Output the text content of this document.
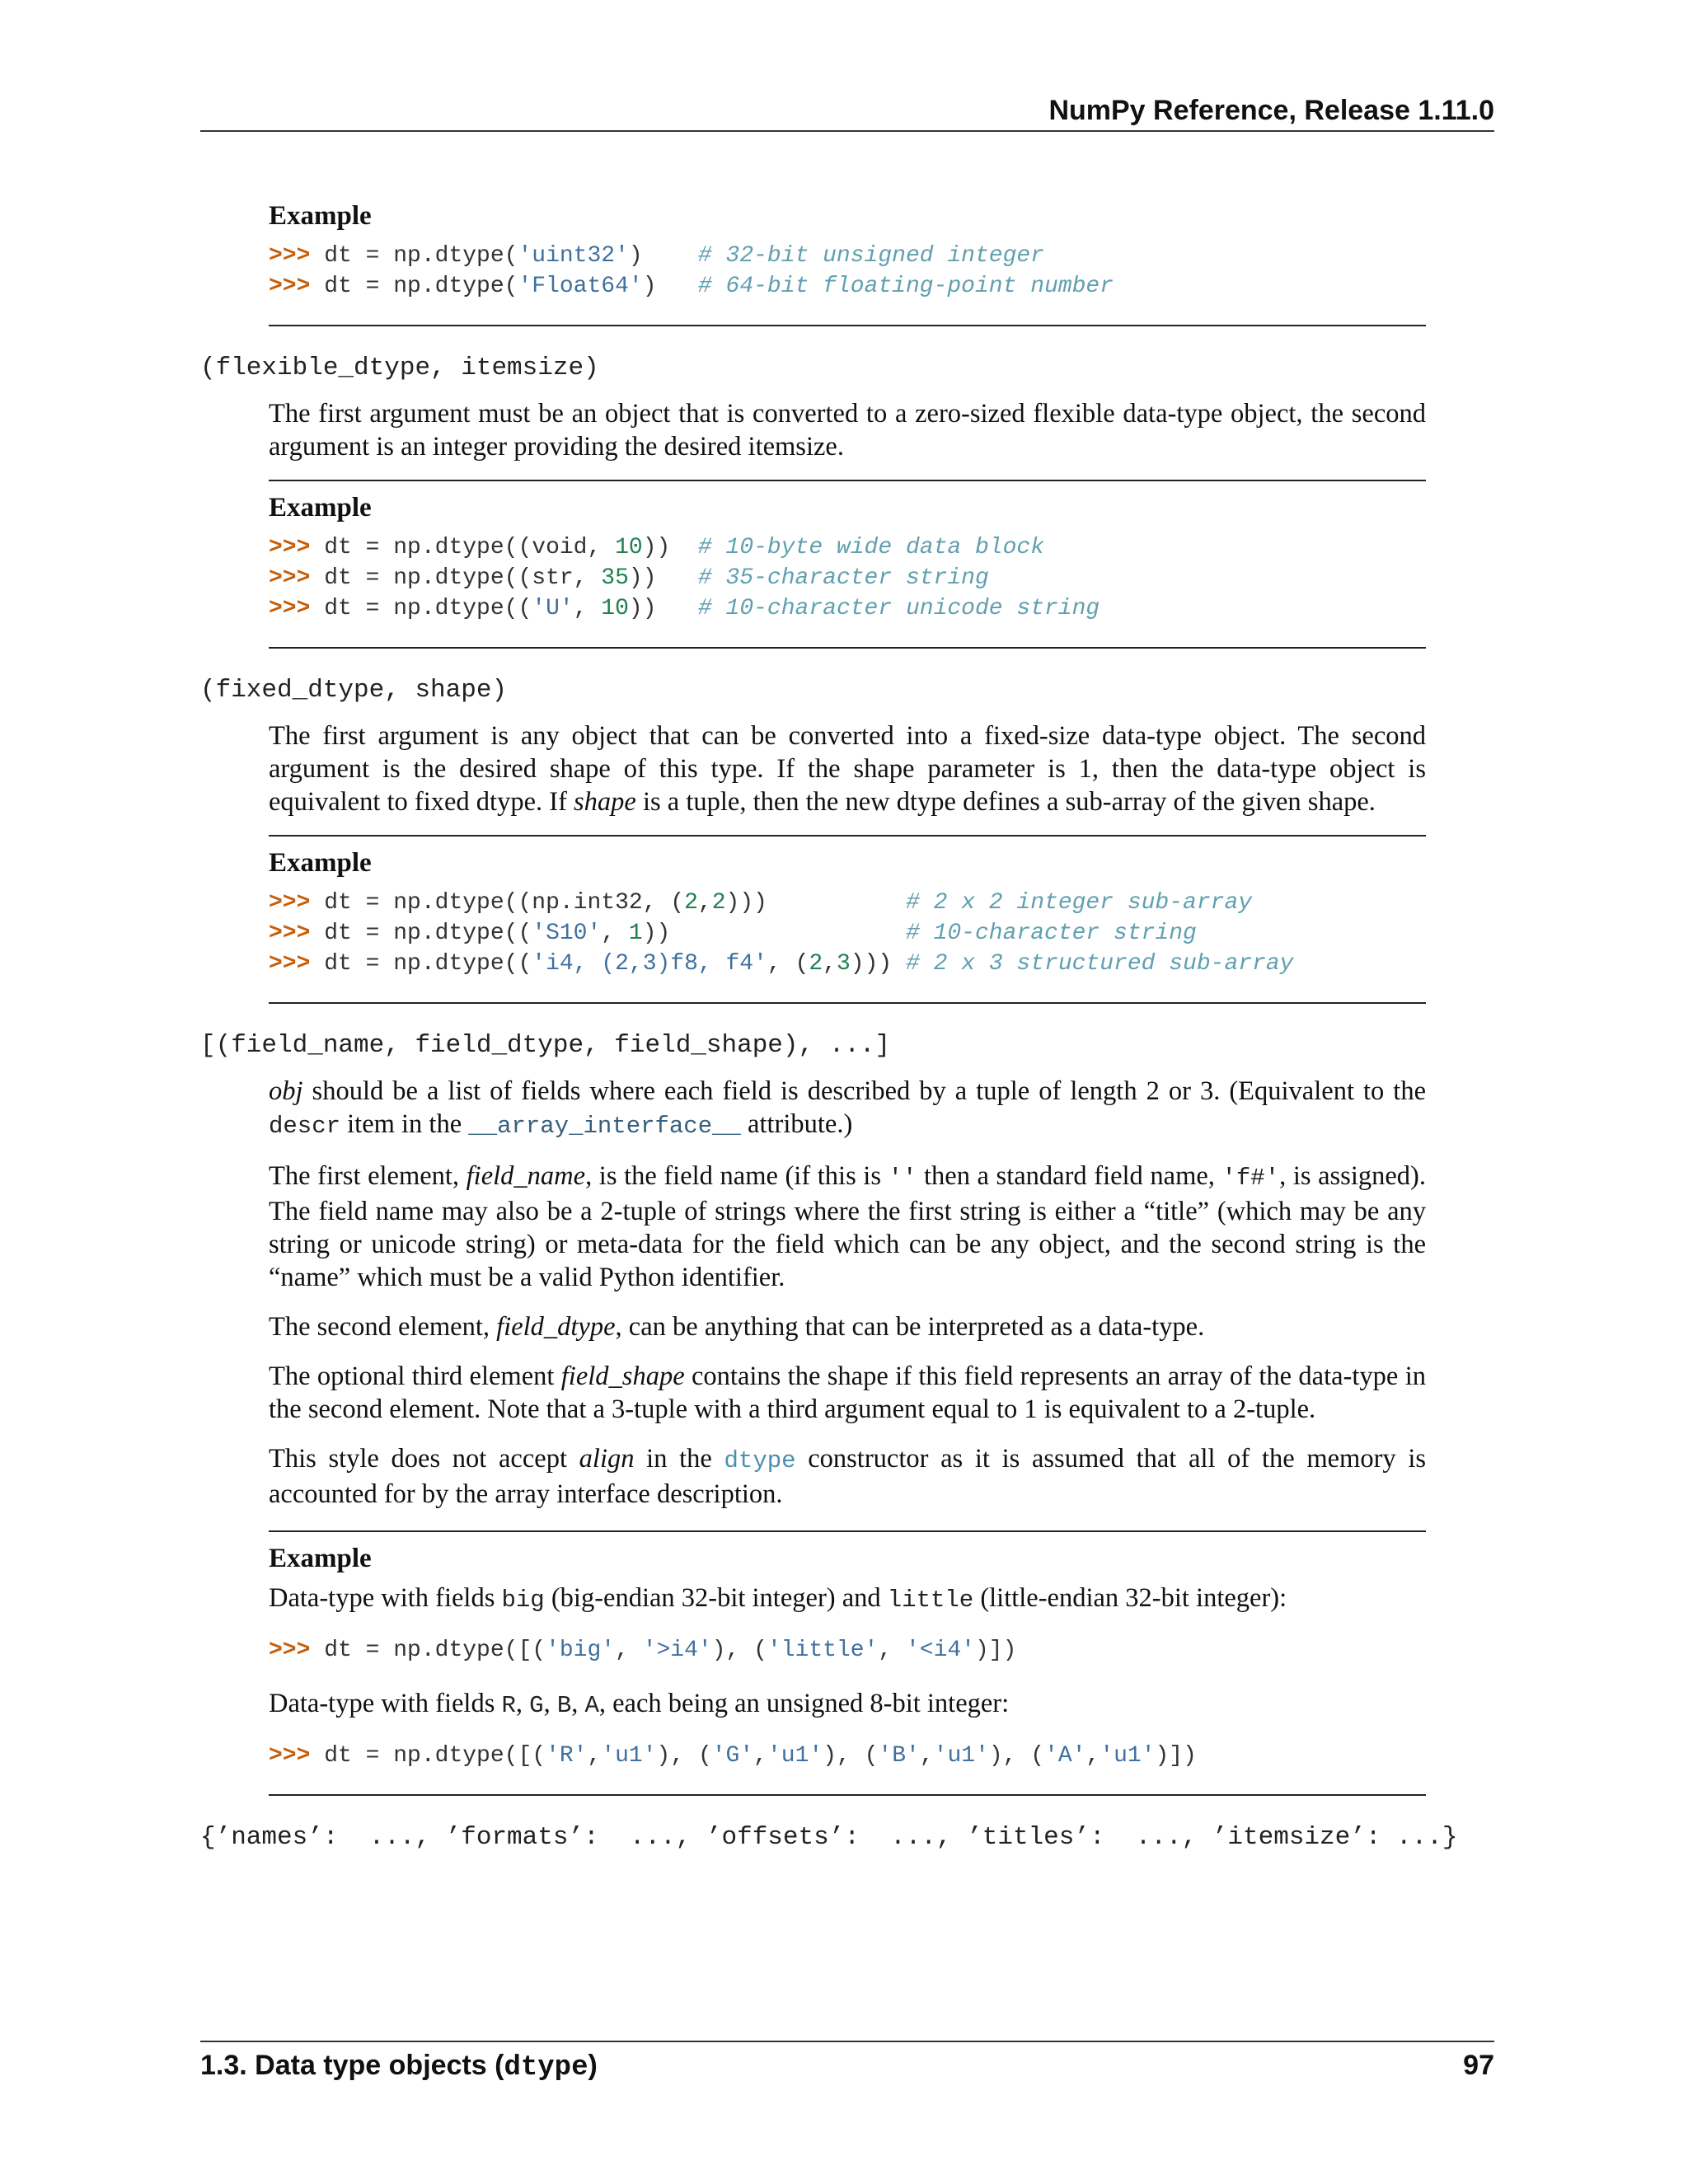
NumPy Reference, Release 1.11.0

Example

>>> dt = np.dtype('uint32')    # 32-bit unsigned integer
>>> dt = np.dtype('Float64')   # 64-bit floating-point number

(flexible_dtype, itemsize)

The first argument must be an object that is converted to a zero-sized flexible data-type object, the second argument is an integer providing the desired itemsize.

Example

>>> dt = np.dtype((void, 10))  # 10-byte wide data block
>>> dt = np.dtype((str, 35))   # 35-character string
>>> dt = np.dtype(('U', 10))   # 10-character unicode string

(fixed_dtype, shape)

The first argument is any object that can be converted into a fixed-size data-type object. The second argument is the desired shape of this type. If the shape parameter is 1, then the data-type object is equivalent to fixed dtype. If shape is a tuple, then the new dtype defines a sub-array of the given shape.

Example

>>> dt = np.dtype((np.int32, (2,2)))          # 2 x 2 integer sub-array
>>> dt = np.dtype(('S10', 1))                 # 10-character string
>>> dt = np.dtype(('i4, (2,3)f8, f4', (2,3))) # 2 x 3 structured sub-array

[(field_name, field_dtype, field_shape), ...]

obj should be a list of fields where each field is described by a tuple of length 2 or 3. (Equivalent to the descr item in the __array_interface__ attribute.)

The first element, field_name, is the field name (if this is '' then a standard field name, 'f#', is assigned). The field name may also be a 2-tuple of strings where the first string is either a “title” (which may be any string or unicode string) or meta-data for the field which can be any object, and the second string is the “name” which must be a valid Python identifier.

The second element, field_dtype, can be anything that can be interpreted as a data-type.

The optional third element field_shape contains the shape if this field represents an array of the data-type in the second element. Note that a 3-tuple with a third argument equal to 1 is equivalent to a 2-tuple.

This style does not accept align in the dtype constructor as it is assumed that all of the memory is accounted for by the array interface description.

Example

Data-type with fields big (big-endian 32-bit integer) and little (little-endian 32-bit integer):

>>> dt = np.dtype([('big', '>i4'), ('little', '<i4')])

Data-type with fields R, G, B, A, each being an unsigned 8-bit integer:

>>> dt = np.dtype([('R','u1'), ('G','u1'), ('B','u1'), ('A','u1')])

{’names’:  ..., ’formats’:  ..., ’offsets’:  ..., ’titles’:  ..., ’itemsize’: ...}

1.3. Data type objects (dtype)	97
